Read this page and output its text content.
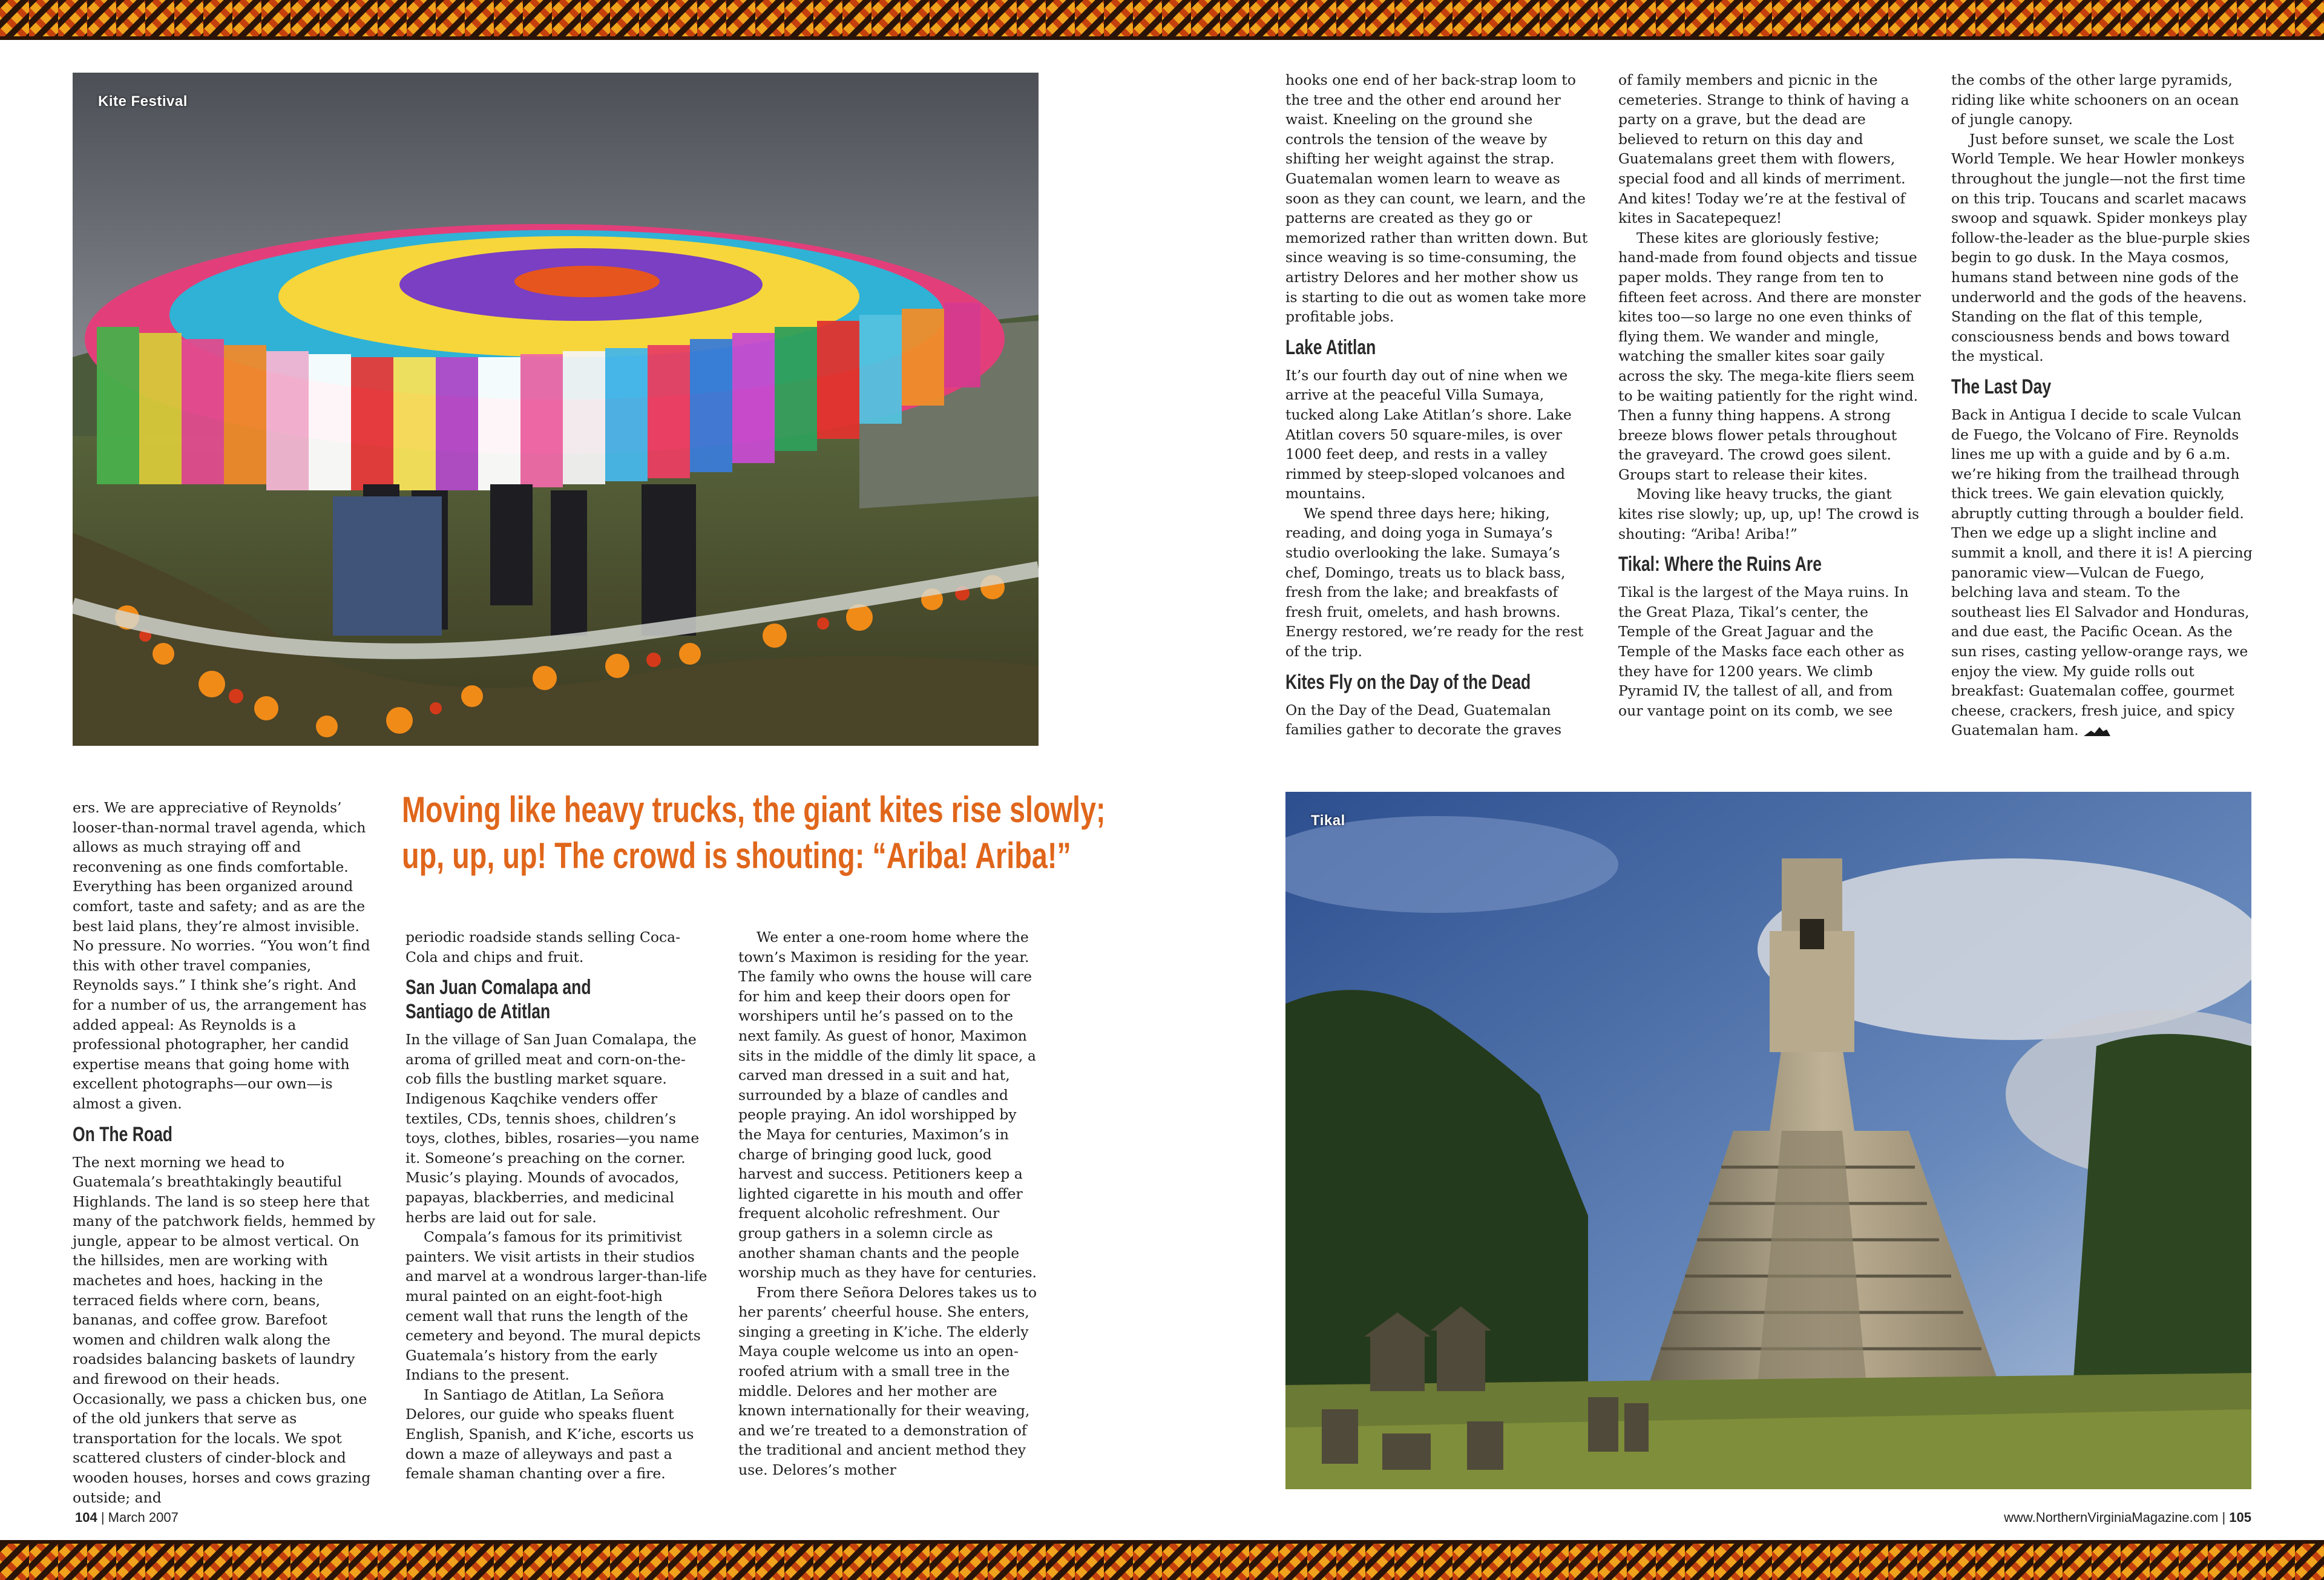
Kite Festival
Tikal
Moving like heavy trucks, the giant kites rise slowly;
up, up, up! The crowd is shouting: “Ariba! Ariba!”

ers. We are appreciative of Reynolds’ looser-than-normal travel agenda, which allows as much straying off and reconvening as one finds comfortable. Everything has been organized around comfort, taste and safety; and as are the best laid plans, they’re almost invisible. No pressure. No worries. “You won’t find this with other travel companies, Reynolds says.” I think she’s right. And for a number of us, the arrangement has added appeal: As Reynolds is a professional photographer, her candid expertise means that going home with excellent photographs—our own—is almost a given.

On The Road

The next morning we head to Guatemala’s breathtakingly beautiful Highlands. The land is so steep here that many of the patchwork fields, hemmed by jungle, appear to be almost vertical. On the hillsides, men are working with machetes and hoes, hacking in the terraced fields where corn, beans, bananas, and coffee grow. Barefoot women and children walk along the roadsides balancing baskets of laundry and firewood on their heads. Occasionally, we pass a chicken bus, one of the old junkers that serve as transportation for the locals. We spot scattered clusters of cinder-block and wooden houses, horses and cows grazing outside; and

periodic roadside stands selling Coca-Cola and chips and fruit.

San Juan Comalapa and
Santiago de Atitlan

In the village of San Juan Comalapa, the aroma of grilled meat and corn-on-the-cob fills the bustling market square. Indigenous Kaqchike venders offer textiles, CDs, tennis shoes, children’s toys, clothes, bibles, rosaries—you name it. Someone’s preaching on the corner. Music’s playing. Mounds of avocados, papayas, blackberries, and medicinal herbs are laid out for sale.

Compala’s famous for its primitivist painters. We visit artists in their studios and marvel at a wondrous larger-than-life mural painted on an eight-foot-high cement wall that runs the length of the cemetery and beyond. The mural depicts Guatemala’s history from the early Indians to the present.

In Santiago de Atitlan, La Señora Delores, our guide who speaks fluent English, Spanish, and K’iche, escorts us down a maze of alleyways and past a female shaman chanting over a fire.

We enter a one-room home where the town’s Maximon is residing for the year. The family who owns the house will care for him and keep their doors open for worshipers until he’s passed on to the next family. As guest of honor, Maximon sits in the middle of the dimly lit space, a carved man dressed in a suit and hat, surrounded by a blaze of candles and people praying. An idol worshipped by the Maya for centuries, Maximon’s in charge of bringing good luck, good harvest and success. Petitioners keep a lighted cigarette in his mouth and offer frequent alcoholic refreshment. Our group gathers in a solemn circle as another shaman chants and the people worship much as they have for centuries.

From there Señora Delores takes us to her parents’ cheerful house. She enters, singing a greeting in K’iche. The elderly Maya couple welcome us into an open-roofed atrium with a small tree in the middle. Delores and her mother are known internationally for their weaving, and we’re treated to a demonstration of the traditional and ancient method they use. Delores’s mother

hooks one end of her back-strap loom to the tree and the other end around her waist. Kneeling on the ground she controls the tension of the weave by shifting her weight against the strap. Guatemalan women learn to weave as soon as they can count, we learn, and the patterns are created as they go or memorized rather than written down. But since weaving is so time-consuming, the artistry Delores and her mother show us is starting to die out as women take more profitable jobs.

Lake Atitlan

It’s our fourth day out of nine when we arrive at the peaceful Villa Sumaya, tucked along Lake Atitlan’s shore. Lake Atitlan covers 50 square-miles, is over 1000 feet deep, and rests in a valley rimmed by steep-sloped volcanoes and mountains.

We spend three days here; hiking, reading, and doing yoga in Sumaya’s studio overlooking the lake. Sumaya’s chef, Domingo, treats us to black bass, fresh from the lake; and breakfasts of fresh fruit, omelets, and hash browns. Energy restored, we’re ready for the rest of the trip.

Kites Fly on the Day of the Dead

On the Day of the Dead, Guatemalan families gather to decorate the graves

of family members and picnic in the cemeteries. Strange to think of having a party on a grave, but the dead are believed to return on this day and Guatemalans greet them with flowers, special food and all kinds of merriment. And kites! Today we’re at the festival of kites in Sacatepequez!

These kites are gloriously festive; hand-made from found objects and tissue paper molds. They range from ten to fifteen feet across. And there are monster kites too—so large no one even thinks of flying them. We wander and mingle, watching the smaller kites soar gaily across the sky. The mega-kite fliers seem to be waiting patiently for the right wind. Then a funny thing happens. A strong breeze blows flower petals throughout the graveyard. The crowd goes silent. Groups start to release their kites.

Moving like heavy trucks, the giant kites rise slowly; up, up, up! The crowd is shouting: “Ariba! Ariba!”

Tikal: Where the Ruins Are

Tikal is the largest of the Maya ruins. In the Great Plaza, Tikal’s center, the Temple of the Great Jaguar and the Temple of the Masks face each other as they have for 1200 years. We climb Pyramid IV, the tallest of all, and from our vantage point on its comb, we see

the combs of the other large pyramids, riding like white schooners on an ocean of jungle canopy.

Just before sunset, we scale the Lost World Temple. We hear Howler monkeys throughout the jungle—not the first time on this trip. Toucans and scarlet macaws swoop and squawk. Spider monkeys play follow-the-leader as the blue-purple skies begin to go dusk. In the Maya cosmos, humans stand between nine gods of the underworld and the gods of the heavens. Standing on the flat of this temple, consciousness bends and bows toward the mystical.

The Last Day

Back in Antigua I decide to scale Vulcan de Fuego, the Volcano of Fire. Reynolds lines me up with a guide and by 6 a.m. we’re hiking from the trailhead through thick trees. We gain elevation quickly, abruptly cutting through a boulder field. Then we edge up a slight incline and summit a knoll, and there it is! A piercing panoramic view—Vulcan de Fuego, belching lava and steam. To the southeast lies El Salvador and Honduras, and due east, the Pacific Ocean. As the sun rises, casting yellow-orange rays, we enjoy the view. My guide rolls out breakfast: Guatemalan coffee, gourmet cheese, crackers, fresh juice, and spicy Guatemalan ham.

104 | March 2007	www.NorthernVirginiaMagazine.com | 105
